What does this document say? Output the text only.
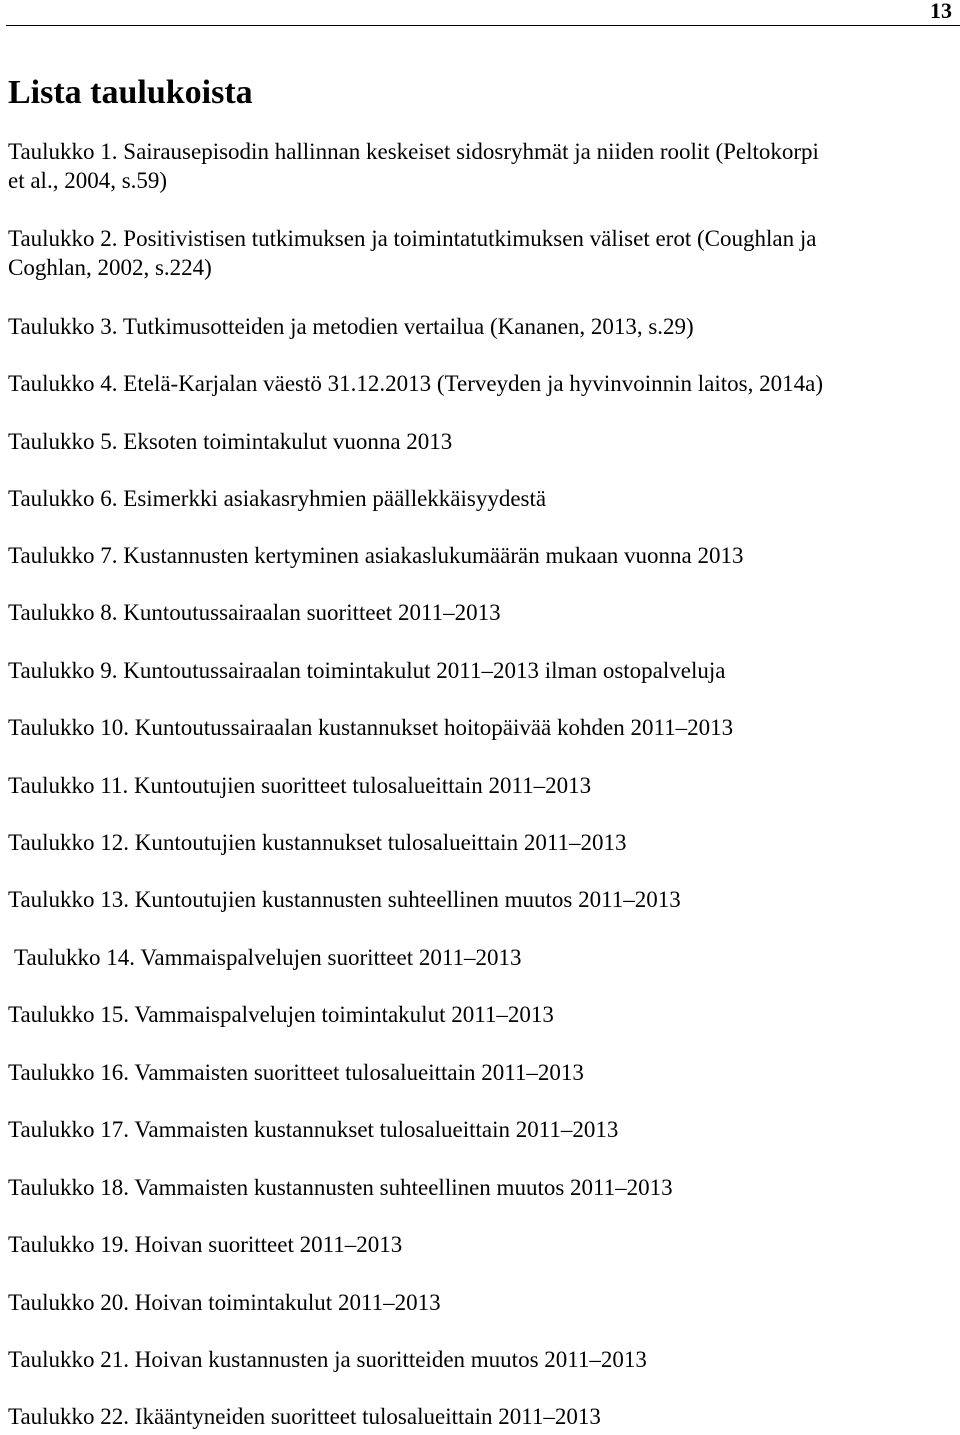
13
Lista taulukoista

Taulukko 1. Sairausepisodin hallinnan keskeiset sidosryhmät ja niiden roolit (Peltokorpi
et al., 2004, s.59)

Taulukko 2. Positivistisen tutkimuksen ja toimintatutkimuksen väliset erot (Coughlan ja
Coghlan, 2002, s.224)

Taulukko 3. Tutkimusotteiden ja metodien vertailua (Kananen, 2013, s.29)

Taulukko 4. Etelä-Karjalan väestö 31.12.2013 (Terveyden ja hyvinvoinnin laitos, 2014a)

Taulukko 5. Eksoten toimintakulut vuonna 2013

Taulukko 6. Esimerkki asiakasryhmien päällekkäisyydestä

Taulukko 7. Kustannusten kertyminen asiakaslukumäärän mukaan vuonna 2013

Taulukko 8. Kuntoutussairaalan suoritteet 2011–2013

Taulukko 9. Kuntoutussairaalan toimintakulut 2011–2013 ilman ostopalveluja

Taulukko 10. Kuntoutussairaalan kustannukset hoitopäivää kohden 2011–2013

Taulukko 11. Kuntoutujien suoritteet tulosalueittain 2011–2013

Taulukko 12. Kuntoutujien kustannukset tulosalueittain 2011–2013

Taulukko 13. Kuntoutujien kustannusten suhteellinen muutos 2011–2013

Taulukko 14. Vammaispalvelujen suoritteet 2011–2013

Taulukko 15. Vammaispalvelujen toimintakulut 2011–2013

Taulukko 16. Vammaisten suoritteet tulosalueittain 2011–2013

Taulukko 17. Vammaisten kustannukset tulosalueittain 2011–2013

Taulukko 18. Vammaisten kustannusten suhteellinen muutos 2011–2013

Taulukko 19. Hoivan suoritteet 2011–2013

Taulukko 20. Hoivan toimintakulut 2011–2013

Taulukko 21. Hoivan kustannusten ja suoritteiden muutos 2011–2013

Taulukko 22. Ikääntyneiden suoritteet tulosalueittain 2011–2013
